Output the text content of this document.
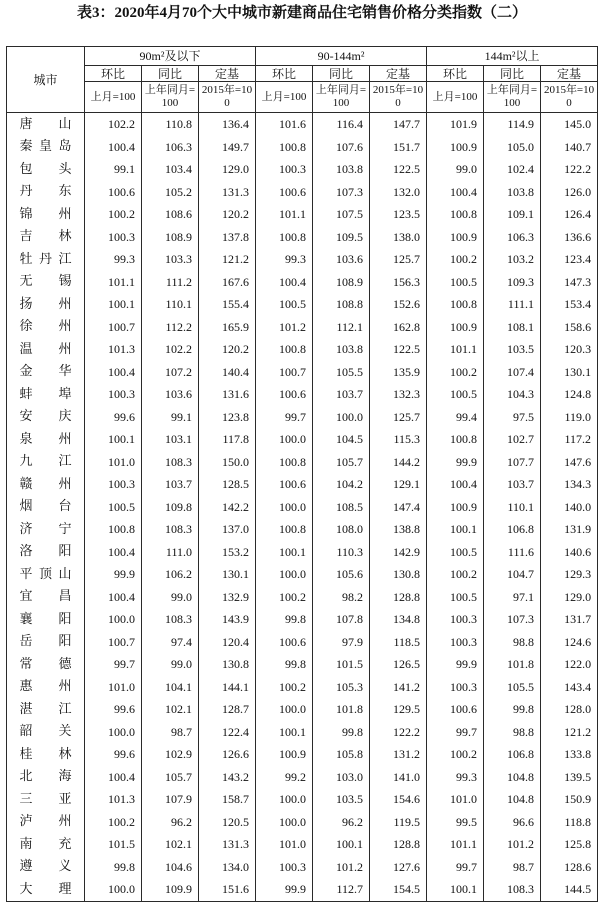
表3：2020年4月70个大中城市新建商品住宅销售价格分类指数（二）
城市	90m²及以下			90-144m²			144m²以上		
	环比	同比	定基	环比	同比	定基	环比	同比	定基
	上月=100	上年同月=100	2015年=100	上月=100	上年同月=100	2015年=100	上月=100	上年同月=100	2015年=100
唐山	102.2	110.8	136.4	101.6	116.4	147.7	101.9	114.9	145.0
秦皇岛	100.4	106.3	149.7	100.8	107.6	151.7	100.9	105.0	140.7
包头	99.1	103.4	129.0	100.3	103.8	122.5	99.0	102.4	122.2
丹东	100.6	105.2	131.3	100.6	107.3	132.0	100.4	103.8	126.0
锦州	100.2	108.6	120.2	101.1	107.5	123.5	100.8	109.1	126.4
吉林	100.3	108.9	137.8	100.8	109.5	138.0	100.9	106.3	136.6
牡丹江	99.3	103.3	121.2	99.3	103.6	125.7	100.2	103.2	123.4
无锡	101.1	111.2	167.6	100.4	108.9	156.3	100.5	109.3	147.3
扬州	100.1	110.1	155.4	100.5	108.8	152.6	100.8	111.1	153.4
徐州	100.7	112.2	165.9	101.2	112.1	162.8	100.9	108.1	158.6
温州	101.3	102.2	120.2	100.8	103.8	122.5	101.1	103.5	120.3
金华	100.4	107.2	140.4	100.7	105.5	135.9	100.2	107.4	130.1
蚌埠	100.3	103.6	131.6	100.6	103.7	132.3	100.5	104.3	124.8
安庆	99.6	99.1	123.8	99.7	100.0	125.7	99.4	97.5	119.0
泉州	100.1	103.1	117.8	100.0	104.5	115.3	100.8	102.7	117.2
九江	101.0	108.3	150.0	100.8	105.7	144.2	99.9	107.7	147.6
赣州	100.3	103.7	128.5	100.6	104.2	129.1	100.4	103.7	134.3
烟台	100.5	109.8	142.2	100.0	108.5	147.4	100.9	110.1	140.0
济宁	100.8	108.3	137.0	100.8	108.0	138.8	100.1	106.8	131.9
洛阳	100.4	111.0	153.2	100.1	110.3	142.9	100.5	111.6	140.6
平顶山	99.9	106.2	130.1	100.0	105.6	130.8	100.2	104.7	129.3
宜昌	100.4	99.0	132.9	100.2	98.2	128.8	100.5	97.1	129.0
襄阳	100.0	108.3	143.9	99.8	107.8	134.8	100.3	107.3	131.7
岳阳	100.7	97.4	120.4	100.6	97.9	118.5	100.3	98.8	124.6
常德	99.7	99.0	130.8	99.8	101.5	126.5	99.9	101.8	122.0
惠州	101.0	104.1	144.1	100.2	105.3	141.2	100.3	105.5	143.4
湛江	99.6	102.1	128.7	100.0	101.8	129.5	100.6	99.8	128.0
韶关	100.0	98.7	122.4	100.1	99.8	122.2	99.7	98.8	121.2
桂林	99.6	102.9	126.6	100.9	105.8	131.2	100.2	106.8	133.8
北海	100.4	105.7	143.2	99.2	103.0	141.0	99.3	104.8	139.5
三亚	101.3	107.9	158.7	100.0	103.5	154.6	101.0	104.8	150.9
泸州	100.2	96.2	120.5	100.0	96.2	119.5	99.5	96.6	118.8
南充	101.5	102.1	131.3	101.0	100.1	128.8	101.1	101.2	125.8
遵义	99.8	104.6	134.0	100.3	101.2	127.6	99.7	98.7	128.6
大理	100.0	109.9	151.6	99.9	112.7	154.5	100.1	108.3	144.5
